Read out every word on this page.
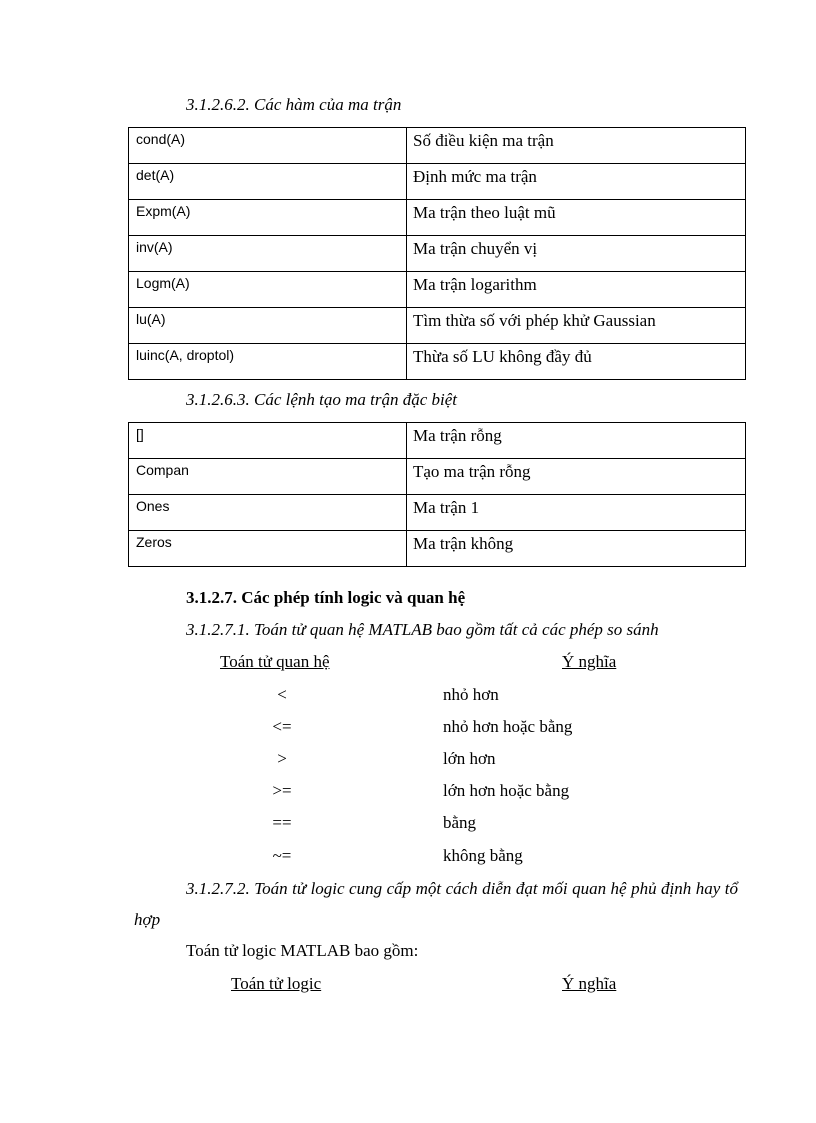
3.1.2.6.2. Các hàm của ma trận
cond(A)	Số điều kiện ma trận
det(A)	Định mức ma trận
Expm(A)	Ma trận theo luật mũ
inv(A)	Ma trận chuyển vị
Logm(A)	Ma trận logarithm
lu(A)	Tìm thừa số với phép khử Gaussian
luinc(A, droptol)	Thừa số LU không đầy đủ
3.1.2.6.3. Các lệnh tạo ma trận đặc biệt
[]	Ma trận rỗng
Compan	Tạo ma trận rỗng
Ones	Ma trận 1
Zeros	Ma trận không
3.1.2.7. Các phép tính logic và quan hệ
3.1.2.7.1. Toán tử quan hệ MATLAB bao gồm tất cả các phép so sánh
Toán tử quan hệ	Ý nghĩa
<	nhỏ hơn
<=	nhỏ hơn hoặc bằng
>	lớn hơn
>=	lớn hơn hoặc bằng
==	bằng
~=	không bằng
3.1.2.7.2. Toán tử logic cung cấp một cách diễn đạt mối quan hệ phủ định hay tổ hợp
Toán tử logic MATLAB bao gồm:
Toán tử logic	Ý nghĩa
